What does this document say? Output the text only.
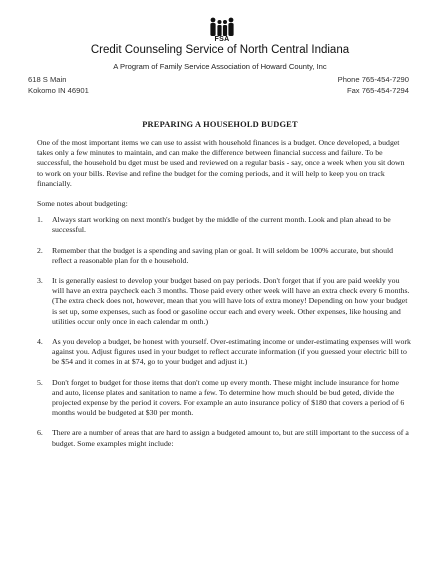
FSA
Credit Counseling Service of North Central Indiana
A Program of Family Service Association of Howard County, Inc
618 S Main
Kokomo IN 46901
Phone 765-454-7290
Fax 765-454-7294
PREPARING A HOUSEHOLD BUDGET

One of the most important items we can use to assist with household finances is a budget. Once developed, a budget takes only a few minutes to maintain, and can make the difference between financial success and failure. To be successful, the household bu dget must be used and reviewed on a regular basis - say, once a week when you sit down to work on your bills. Revise and refine the budget for the coming periods, and it will help to keep you on track financially.

Some notes about budgeting:

1. Always start working on next month's budget by the middle of the current month. Look and plan ahead to be successful.
2. Remember that the budget is a spending and saving plan or goal. It will seldom be 100% accurate, but should reflect a reasonable plan for th e household.
3. It is generally easiest to develop your budget based on pay periods. Don't forget that if you are paid weekly you will have an extra paycheck each 3 months. Those paid every other week will have an extra check every 6 months. (The extra check does not, however, mean that you will have lots of extra money! Depending on how your budget is set up, some expenses, such as food or gasoline occur each and every week. Other expenses, like housing and utilities occur only once in each calendar m onth.)
4. As you develop a budget, be honest with yourself. Over-estimating income or under-estimating expenses will work against you. Adjust figures used in your budget to reflect accurate information (if you guessed your electric bill to be $54 and it comes in at $74, go to your budget and adjust it.)
5. Don't forget to budget for those items that don't come up every month. These might include insurance for home and auto, license plates and sanitation to name a few. To determine how much should be bud geted, divide the projected expense by the period it covers. For example an auto insurance policy of $180 that covers a period of 6 months would be budgeted at $30 per month.
6. There are a number of areas that are hard to assign a budgeted amount to, but are still important to the success of a budget. Some examples might include:
